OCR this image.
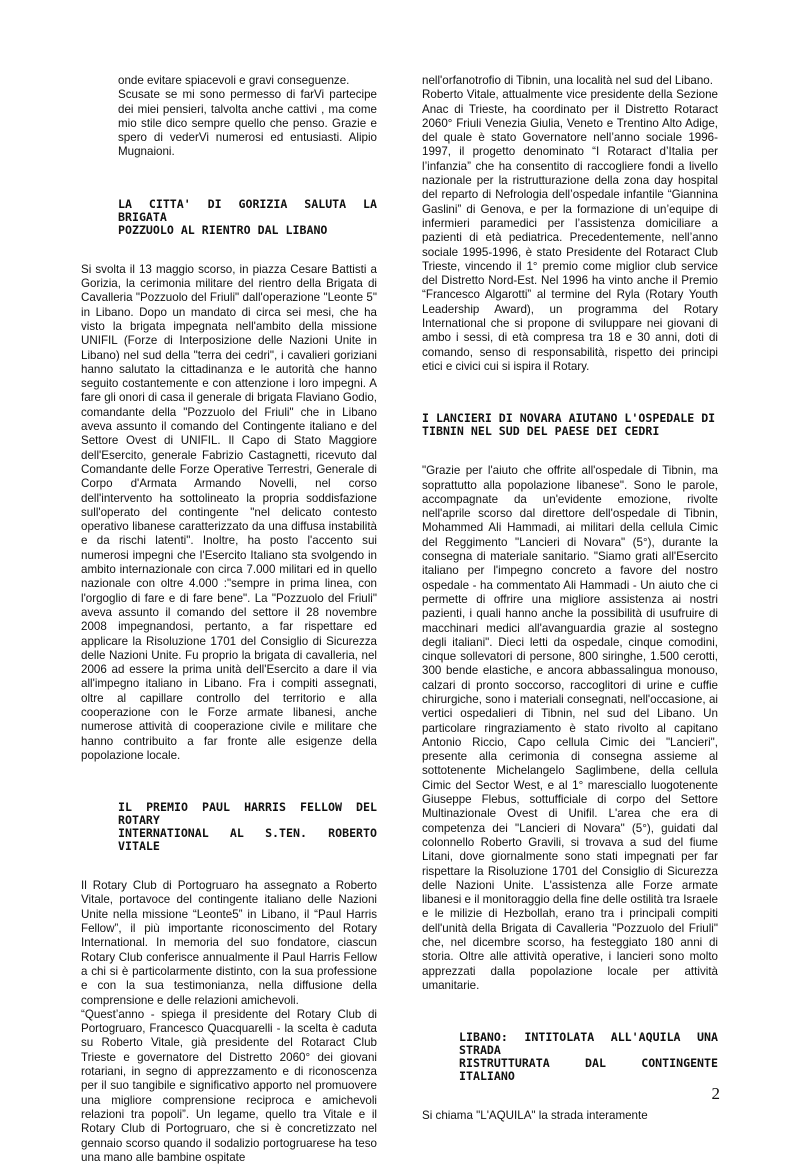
onde evitare spiacevoli e gravi conseguenze.

Scusate se mi sono permesso di farVi partecipe dei miei pensieri, talvolta anche cattivi , ma come mio stile dico sempre quello che penso. Grazie e spero di vederVi numerosi ed entusiasti. Alipio Mugnaioni.

LA CITTA' DI GORIZIA SALUTA LA BRIGATA

POZZUOLO AL RIENTRO DAL LIBANO

Si svolta il 13 maggio scorso, in piazza Cesare Battisti a Gorizia, la cerimonia militare del rientro della Brigata di Cavalleria "Pozzuolo del Friuli" dall'operazione "Leonte 5" in Libano. Dopo un mandato di circa sei mesi, che ha visto la brigata impegnata nell'ambito della missione UNIFIL (Forze di Interposizione delle Nazioni Unite in Libano) nel sud della "terra dei cedri", i cavalieri goriziani hanno salutato la cittadinanza e le autorità che hanno seguito costantemente e con attenzione i loro impegni. A fare gli onori di casa il generale di brigata Flaviano Godio, comandante della "Pozzuolo del Friuli" che in Libano aveva assunto il comando del Contingente italiano e del Settore Ovest di UNIFIL. Il Capo di Stato Maggiore dell'Esercito, generale Fabrizio Castagnetti, ricevuto dal Comandante delle Forze Operative Terrestri, Generale di Corpo d'Armata Armando Novelli, nel corso dell'intervento ha sottolineato la propria soddisfazione sull'operato del contingente "nel delicato contesto operativo libanese caratterizzato da una diffusa instabilità e da rischi latenti". Inoltre, ha posto l'accento sui numerosi impegni che l'Esercito Italiano sta svolgendo in ambito internazionale con circa 7.000 militari ed in quello nazionale con oltre 4.000 :"sempre in prima linea, con l'orgoglio di fare e di fare bene". La "Pozzuolo del Friuli" aveva assunto il comando del settore il 28 novembre 2008 impegnandosi, pertanto, a far rispettare ed applicare la Risoluzione 1701 del Consiglio di Sicurezza delle Nazioni Unite. Fu proprio la brigata di cavalleria, nel 2006 ad essere la prima unità dell'Esercito a dare il via all'impegno italiano in Libano. Fra i compiti assegnati, oltre al capillare controllo del territorio e alla cooperazione con le Forze armate libanesi, anche numerose attività di cooperazione civile e militare che hanno contribuito a far fronte alle esigenze della popolazione locale.

IL PREMIO PAUL HARRIS FELLOW DEL ROTARY

INTERNATIONAL AL S.TEN. ROBERTO VITALE

Il Rotary Club di Portogruaro ha assegnato a Roberto Vitale, portavoce del contingente italiano delle Nazioni Unite nella missione “Leonte5” in Libano, il “Paul Harris Fellow”, il più importante riconoscimento del Rotary International. In memoria del suo fondatore, ciascun Rotary Club conferisce annualmente il Paul Harris Fellow a chi si è particolarmente distinto, con la sua professione e con la sua testimonianza, nella diffusione della comprensione e delle relazioni amichevoli.

“Quest’anno - spiega il presidente del Rotary Club di Portogruaro, Francesco Quacquarelli - la scelta è caduta su Roberto Vitale, già presidente del Rotaract Club Trieste e governatore del Distretto 2060° dei giovani rotariani, in segno di apprezzamento e di riconoscenza per il suo tangibile e significativo apporto nel promuovere una migliore comprensione reciproca e amichevoli relazioni tra popoli”. Un legame, quello tra Vitale e il Rotary Club di Portogruaro, che si è concretizzato nel gennaio scorso quando il sodalizio portogruarese ha teso una mano alle bambine ospitate

nell'orfanotrofio di Tibnin, una località nel sud del Libano.

Roberto Vitale, attualmente vice presidente della Sezione Anac di Trieste, ha coordinato per il Distretto Rotaract 2060° Friuli Venezia Giulia, Veneto e Trentino Alto Adige, del quale è stato Governatore nell’anno sociale 1996-1997, il progetto denominato “I Rotaract d’Italia per l’infanzia” che ha consentito di raccogliere fondi a livello nazionale per la ristrutturazione della zona day hospital del reparto di Nefrologia dell’ospedale infantile “Giannina Gaslini” di Genova, e per la formazione di un’equipe di infermieri paramedici per l’assistenza domiciliare a pazienti di età pediatrica. Precedentemente, nell’anno sociale 1995-1996, è stato Presidente del Rotaract Club Trieste, vincendo il 1° premio come miglior club service del Distretto Nord-Est. Nel 1996 ha vinto anche il Premio “Francesco Algarotti” al termine del Ryla (Rotary Youth Leadership Award), un programma del Rotary International che si propone di sviluppare nei giovani di ambo i sessi, di età compresa tra 18 e 30 anni, doti di comando, senso di responsabilità, rispetto dei principi etici e civici cui si ispira il Rotary.

I LANCIERI DI NOVARA AIUTANO L'OSPEDALE DI

TIBNIN NEL SUD DEL PAESE DEI CEDRI

"Grazie per l'aiuto che offrite all'ospedale di Tibnin, ma soprattutto alla popolazione libanese". Sono le parole, accompagnate da un'evidente emozione, rivolte nell'aprile scorso dal direttore dell'ospedale di Tibnin, Mohammed Ali Hammadi, ai militari della cellula Cimic del Reggimento "Lancieri di Novara" (5°), durante la consegna di materiale sanitario. "Siamo grati all'Esercito italiano per l'impegno concreto a favore del nostro ospedale - ha commentato Ali Hammadi - Un aiuto che ci permette di offrire una migliore assistenza ai nostri pazienti, i quali hanno anche la possibilità di usufruire di macchinari medici all'avanguardia grazie al sostegno degli italiani". Dieci letti da ospedale, cinque comodini, cinque sollevatori di persone, 800 siringhe, 1.500 cerotti, 300 bende elastiche, e ancora abbassalingua monouso, calzari di pronto soccorso, raccoglitori di urine e cuffie chirurgiche, sono i materiali consegnati, nell'occasione, ai vertici ospedalieri di Tibnin, nel sud del Libano. Un particolare ringraziamento è stato rivolto al capitano Antonio Riccio, Capo cellula Cimic dei "Lancieri", presente alla cerimonia di consegna assieme al sottotenente Michelangelo Saglimbene, della cellula Cimic del Sector West, e al 1° maresciallo luogotenente Giuseppe Flebus, sottufficiale di corpo del Settore Multinazionale Ovest di Unifil. L'area che era di competenza dei "Lancieri di Novara" (5°), guidati dal colonnello Roberto Gravili, si trovava a sud del fiume Litani, dove giornalmente sono stati impegnati per far rispettare la Risoluzione 1701 del Consiglio di Sicurezza delle Nazioni Unite. L'assistenza alle Forze armate libanesi e il monitoraggio della fine delle ostilità tra Israele e le milizie di Hezbollah, erano tra i principali compiti dell'unità della Brigata di Cavalleria "Pozzuolo del Friuli" che, nel dicembre scorso, ha festeggiato 180 anni di storia. Oltre alle attività operative, i lancieri sono molto apprezzati dalla popolazione locale per attività umanitarie.

LIBANO: INTITOLATA ALL'AQUILA UNA STRADA

RISTRUTTURATA DAL CONTINGENTE ITALIANO

Si chiama "L'AQUILA" la strada interamente

2
